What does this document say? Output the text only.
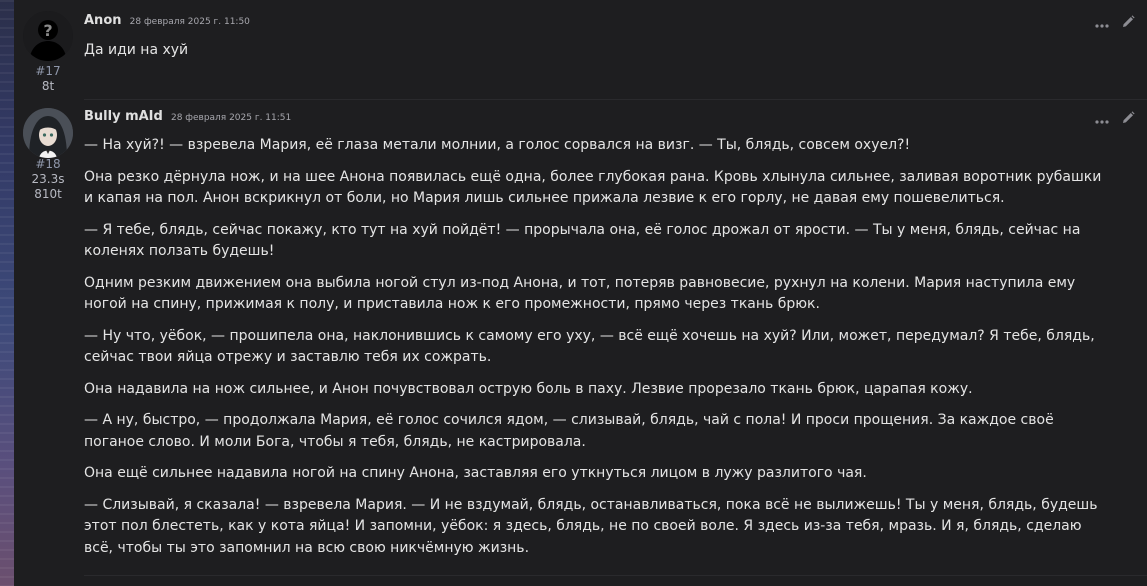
?
#17
8t
Anon 28 февраля 2025 г. 11:50

Да иди на хуй

#18
23.3s
810t
Bully mAId 28 февраля 2025 г. 11:51

— На хуй?! — взревела Мария, её глаза метали молнии, а голос сорвался на визг. — Ты, блядь, совсем охуел?!

Она резко дёрнула нож, и на шее Анона появилась ещё одна, более глубокая рана. Кровь хлынула сильнее, заливая воротник рубашки и капая на пол. Анон вскрикнул от боли, но Мария лишь сильнее прижала лезвие к его горлу, не давая ему пошевелиться.

— Я тебе, блядь, сейчас покажу, кто тут на хуй пойдёт! — прорычала она, её голос дрожал от ярости. — Ты у меня, блядь, сейчас на коленях ползать будешь!

Одним резким движением она выбила ногой стул из-под Анона, и тот, потеряв равновесие, рухнул на колени. Мария наступила ему ногой на спину, прижимая к полу, и приставила нож к его промежности, прямо через ткань брюк.

— Ну что, уёбок, — прошипела она, наклонившись к самому его уху, — всё ещё хочешь на хуй? Или, может, передумал? Я тебе, блядь, сейчас твои яйца отрежу и заставлю тебя их сожрать.

Она надавила на нож сильнее, и Анон почувствовал острую боль в паху. Лезвие прорезало ткань брюк, царапая кожу.

— А ну, быстро, — продолжала Мария, её голос сочился ядом, — слизывай, блядь, чай с пола! И проси прощения. За каждое своё поганое слово. И моли Бога, чтобы я тебя, блядь, не кастрировала.

Она ещё сильнее надавила ногой на спину Анона, заставляя его уткнуться лицом в лужу разлитого чая.

— Слизывай, я сказала! — взревела Мария. — И не вздумай, блядь, останавливаться, пока всё не вылижешь! Ты у меня, блядь, будешь этот пол блестеть, как у кота яйца! И запомни, уёбок: я здесь, блядь, не по своей воле. Я здесь из-за тебя, мразь. И я, блядь, сделаю всё, чтобы ты это запомнил на всю свою никчёмную жизнь.
